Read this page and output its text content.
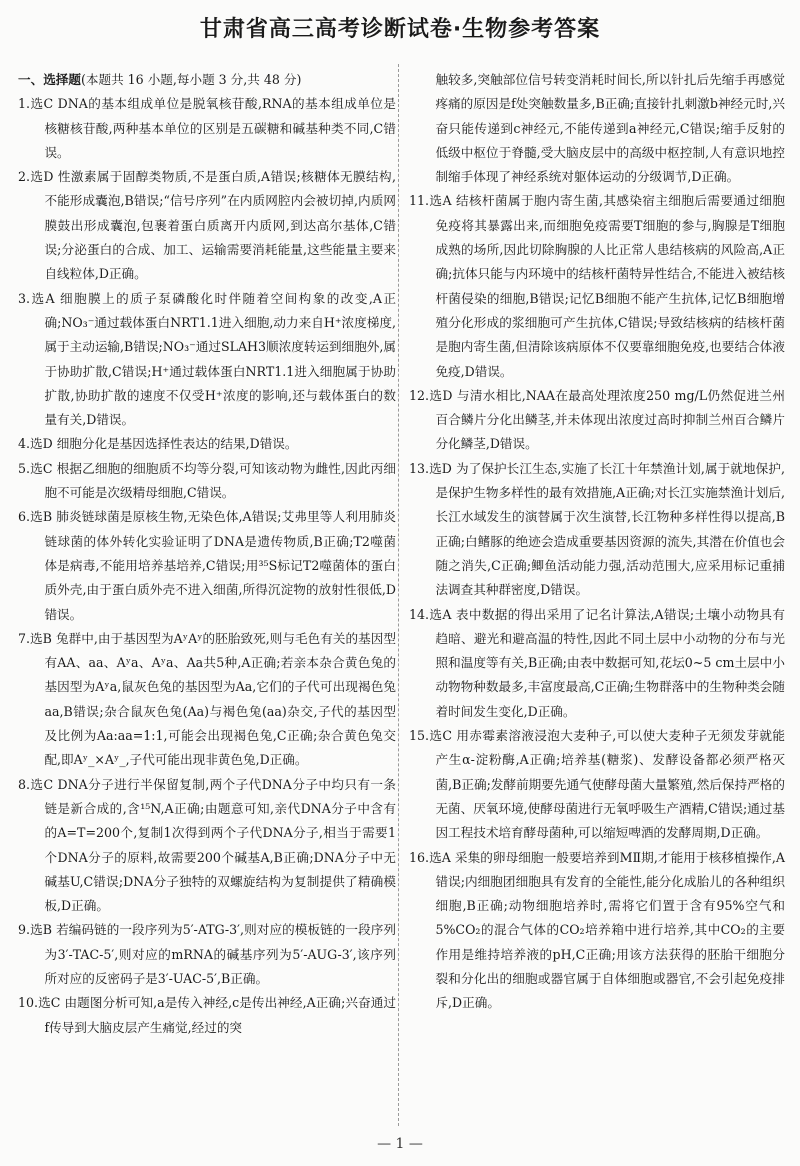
甘肃省高三高考诊断试卷·生物参考答案
一、选择题(本题共 16 小题,每小题 3 分,共 48 分)
1.选C DNA的基本组成单位是脱氧核苷酸,RNA的基本组成单位是核糖核苷酸,两种基本单位的区别是五碳糖和碱基种类不同,C错误。
2.选D 性激素属于固醇类物质,不是蛋白质,A错误;核糖体无膜结构,不能形成囊泡,B错误;“信号序列”在内质网腔内会被切掉,内质网膜鼓出形成囊泡,包裹着蛋白质离开内质网,到达高尔基体,C错误;分泌蛋白的合成、加工、运输需要消耗能量,这些能量主要来自线粒体,D正确。
3.选A 细胞膜上的质子泵磷酸化时伴随着空间构象的改变,A正确;NO₃⁻通过载体蛋白NRT1.1进入细胞,动力来自H⁺浓度梯度,属于主动运输,B错误;NO₃⁻通过SLAH3顺浓度转运到细胞外,属于协助扩散,C错误;H⁺通过载体蛋白NRT1.1进入细胞属于协助扩散,协助扩散的速度不仅受H⁺浓度的影响,还与载体蛋白的数量有关,D错误。
4.选D 细胞分化是基因选择性表达的结果,D错误。
5.选C 根据乙细胞的细胞质不均等分裂,可知该动物为雌性,因此丙细胞不可能是次级精母细胞,C错误。
6.选B 肺炎链球菌是原核生物,无染色体,A错误;艾弗里等人利用肺炎链球菌的体外转化实验证明了DNA是遗传物质,B正确;T2噬菌体是病毒,不能用培养基培养,C错误;用³⁵S标记T2噬菌体的蛋白质外壳,由于蛋白质外壳不进入细菌,所得沉淀物的放射性很低,D错误。
7.选B 兔群中,由于基因型为AʸAʸ的胚胎致死,则与毛色有关的基因型有AA、aa、Aʸa、Aʸa、Aa共5种,A正确;若亲本杂合黄色兔的基因型为Aʸa,鼠灰色兔的基因型为Aa,它们的子代可出现褐色兔aa,B错误;杂合鼠灰色兔(Aa)与褐色兔(aa)杂交,子代的基因型及比例为Aa:aa=1:1,可能会出现褐色兔,C正确;杂合黄色兔交配,即Aʸ_×Aʸ_,子代可能出现非黄色兔,D正确。
8.选C DNA分子进行半保留复制,两个子代DNA分子中均只有一条链是新合成的,含¹⁵N,A正确;由题意可知,亲代DNA分子中含有的A=T=200个,复制1次得到两个子代DNA分子,相当于需要1个DNA分子的原料,故需要200个碱基A,B正确;DNA分子中无碱基U,C错误;DNA分子独特的双螺旋结构为复制提供了精确模板,D正确。
9.选B 若编码链的一段序列为5′-ATG-3′,则对应的模板链的一段序列为3′-TAC-5′,则对应的mRNA的碱基序列为5′-AUG-3′,该序列所对应的反密码子是3′-UAC-5′,B正确。
10.选C 由题图分析可知,a是传入神经,c是传出神经,A正确;兴奋通过f传导到大脑皮层产生痛觉,经过的突
触较多,突触部位信号转变消耗时间长,所以针扎后先缩手再感觉疼痛的原因是f处突触数量多,B正确;直接针扎刺激b神经元时,兴奋只能传递到c神经元,不能传递到a神经元,C错误;缩手反射的低级中枢位于脊髓,受大脑皮层中的高级中枢控制,人有意识地控制缩手体现了神经系统对躯体运动的分级调节,D正确。
11.选A 结核杆菌属于胞内寄生菌,其感染宿主细胞后需要通过细胞免疫将其暴露出来,而细胞免疫需要T细胞的参与,胸腺是T细胞成熟的场所,因此切除胸腺的人比正常人患结核病的风险高,A正确;抗体只能与内环境中的结核杆菌特异性结合,不能进入被结核杆菌侵染的细胞,B错误;记忆B细胞不能产生抗体,记忆B细胞增殖分化形成的浆细胞可产生抗体,C错误;导致结核病的结核杆菌是胞内寄生菌,但清除该病原体不仅要靠细胞免疫,也要结合体液免疫,D错误。
12.选D 与清水相比,NAA在最高处理浓度250 mg/L仍然促进兰州百合鳞片分化出鳞茎,并未体现出浓度过高时抑制兰州百合鳞片分化鳞茎,D错误。
13.选D 为了保护长江生态,实施了长江十年禁渔计划,属于就地保护,是保护生物多样性的最有效措施,A正确;对长江实施禁渔计划后,长江水域发生的演替属于次生演替,长江物种多样性得以提高,B正确;白鳍豚的绝迹会造成重要基因资源的流失,其潜在价值也会随之消失,C正确;鲫鱼活动能力强,活动范围大,应采用标记重捕法调查其种群密度,D错误。
14.选A 表中数据的得出采用了记名计算法,A错误;土壤小动物具有趋暗、避光和避高温的特性,因此不同土层中小动物的分布与光照和温度等有关,B正确;由表中数据可知,花坛0~5 cm土层中小动物物种数最多,丰富度最高,C正确;生物群落中的生物种类会随着时间发生变化,D正确。
15.选C 用赤霉素溶液浸泡大麦种子,可以使大麦种子无须发芽就能产生α-淀粉酶,A正确;培养基(糖浆)、发酵设备都必须严格灭菌,B正确;发酵前期要先通气使酵母菌大量繁殖,然后保持严格的无菌、厌氧环境,使酵母菌进行无氧呼吸生产酒精,C错误;通过基因工程技术培育酵母菌种,可以缩短啤酒的发酵周期,D正确。
16.选A 采集的卵母细胞一般要培养到MⅡ期,才能用于核移植操作,A错误;内细胞团细胞具有发育的全能性,能分化成胎儿的各种组织细胞,B正确;动物细胞培养时,需将它们置于含有95%空气和5%CO₂的混合气体的CO₂培养箱中进行培养,其中CO₂的主要作用是维持培养液的pH,C正确;用该方法获得的胚胎干细胞分裂和分化出的细胞或器官属于自体细胞或器官,不会引起免疫排斥,D正确。
— 1 —
